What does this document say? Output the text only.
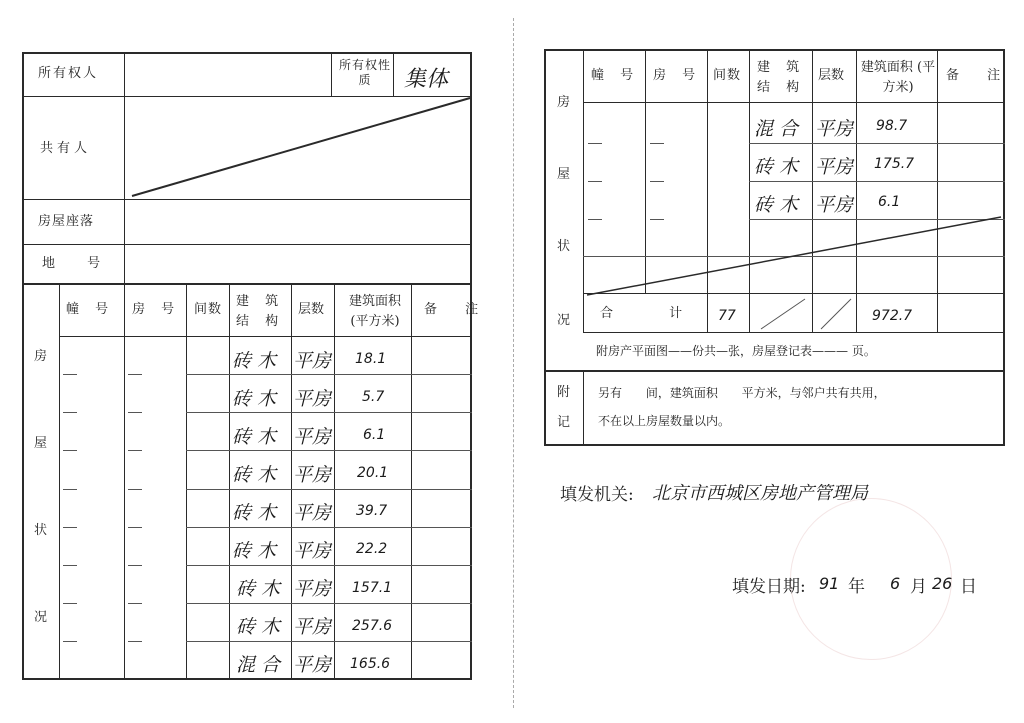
所有权人
所有权性质	集体
共有人
房屋座落
地 号
房
屋
状
况
幢 号 房 号 间数
建 筑 结 构
层数
建筑面积 (平方米)
备 注
砖 木 平房 18.1
砖 木 平房 5.7
砖 木 平房 6.1
砖 木 平房 20.1
砖 木 平房 39.7
砖 木 平房 22.2
砖 木 平房 157.1
砖 木 平房 257.6
混 合 平房 165.6
房
屋
状
况
幢 号 房 号 间数
建 筑 结 构
层数
建筑面积 (平方米)
备 注
混 合 平房 98.7
砖 木 平房 175.7
砖 木 平房 6.1
合 计 77	972.7
附房产平面图——份共—张，房屋登记表——— 页。
附
记
另有 间，建筑面积 平方米，与邻户共有共用，
不在以上房屋数量以内。
填发机关: 北京市西城区房地产管理局
填发日期: 91 年 6 月 26 日
